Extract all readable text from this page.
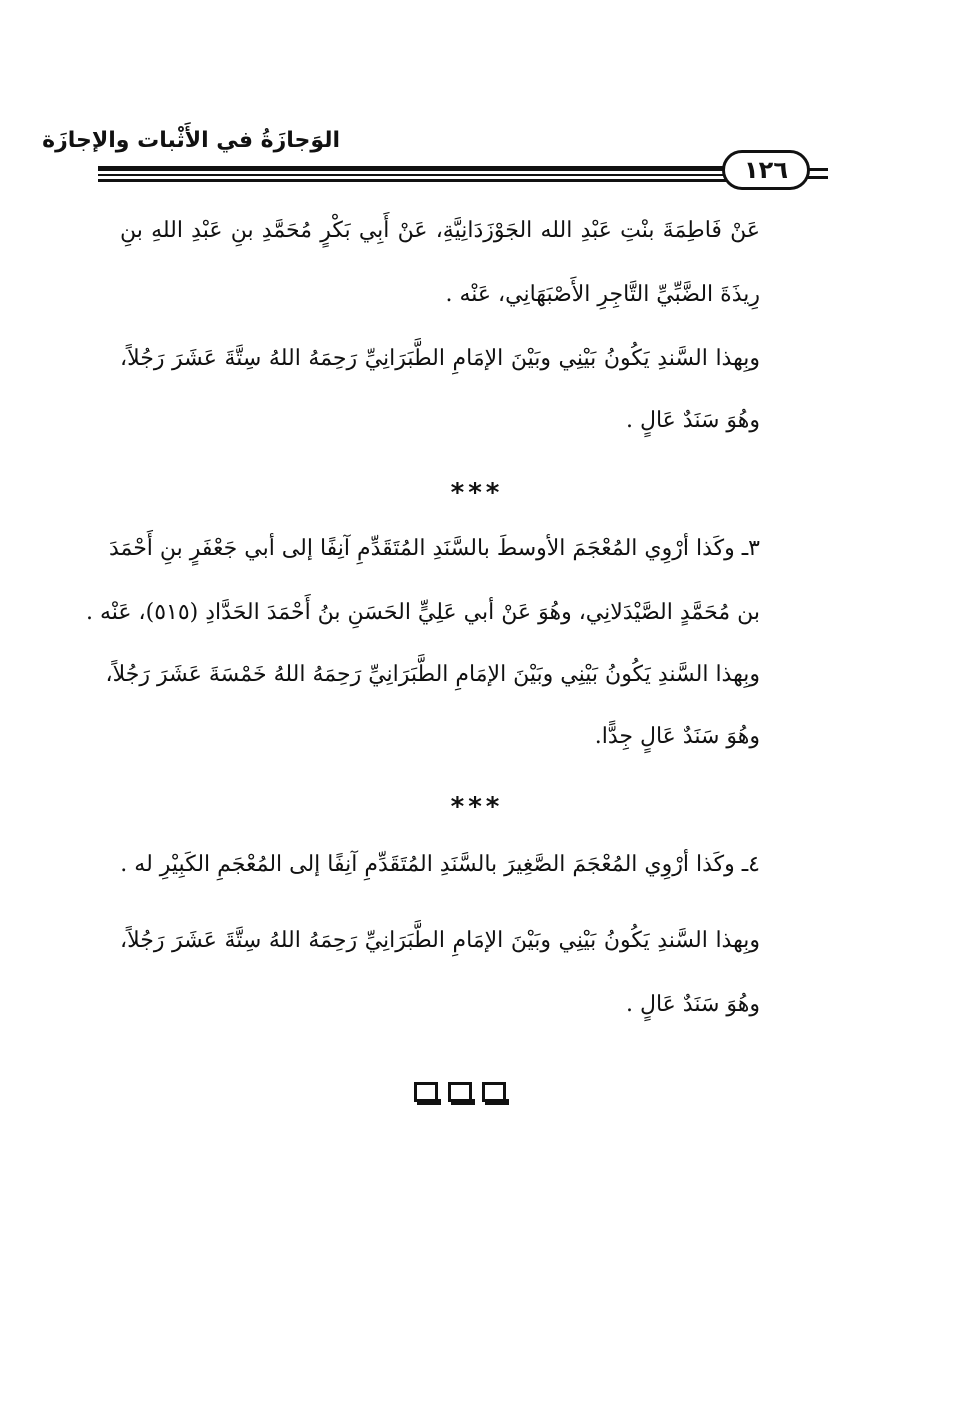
الوَجازَةُ في الأَثْبات والإجازَة
١٢٦
عَنْ فَاطِمَةَ بنْتِ عَبْدِ الله الجَوْزَدَانِيَّةِ، عَنْ أَبِي بَكْرٍ مُحَمَّدِ بنِ عَبْدِ اللهِ بنِ
رِيذَةَ الضَّبِّيِّ التَّاجِرِ الأَصْبَهَانِي، عَنْه .
وبِهذا السَّندِ يَكُونُ بَيْنِي وبَيْنَ الإمَامِ الطَّبَرَانِيِّ رَحِمَهُ اللهُ سِتَّةَ عَشَرَ رَجُلاً،
وهُوَ سَنَدٌ عَالٍ .
***
٣ـ وكَذا أرْوِي المُعْجَمَ الأوسطَ بالسَّنَدِ المُتَقَدِّمِ آنِفًا إلى أبي جَعْفَرٍ بنِ أَحْمَدَ
بن مُحَمَّدٍ الصَّيْدَلانِي، وهُوَ عَنْ أبي عَلِيٍّ الحَسَنِ بنُ أَحْمَدَ الحَدَّادِ (٥١٥)، عَنْه .
وبِهذا السَّندِ يَكُونُ بَيْنِي وبَيْنَ الإمَامِ الطَّبَرَانِيِّ رَحِمَهُ اللهُ خَمْسَةَ عَشَرَ رَجُلاً،
وهُوَ سَنَدٌ عَالٍ جِدًّا.
***
٤ـ وكَذا أرْوِي المُعْجَمَ الصَّغِيرَ بالسَّنَدِ المُتَقَدِّمِ آنِفًا إلى المُعْجَمِ الكَبِيْرِ له .
وبِهذا السَّندِ يَكُونُ بَيْنِي وبَيْنَ الإمَامِ الطَّبَرَانِيِّ رَحِمَهُ اللهُ سِتَّةَ عَشَرَ رَجُلاً،
وهُوَ سَنَدٌ عَالٍ .
